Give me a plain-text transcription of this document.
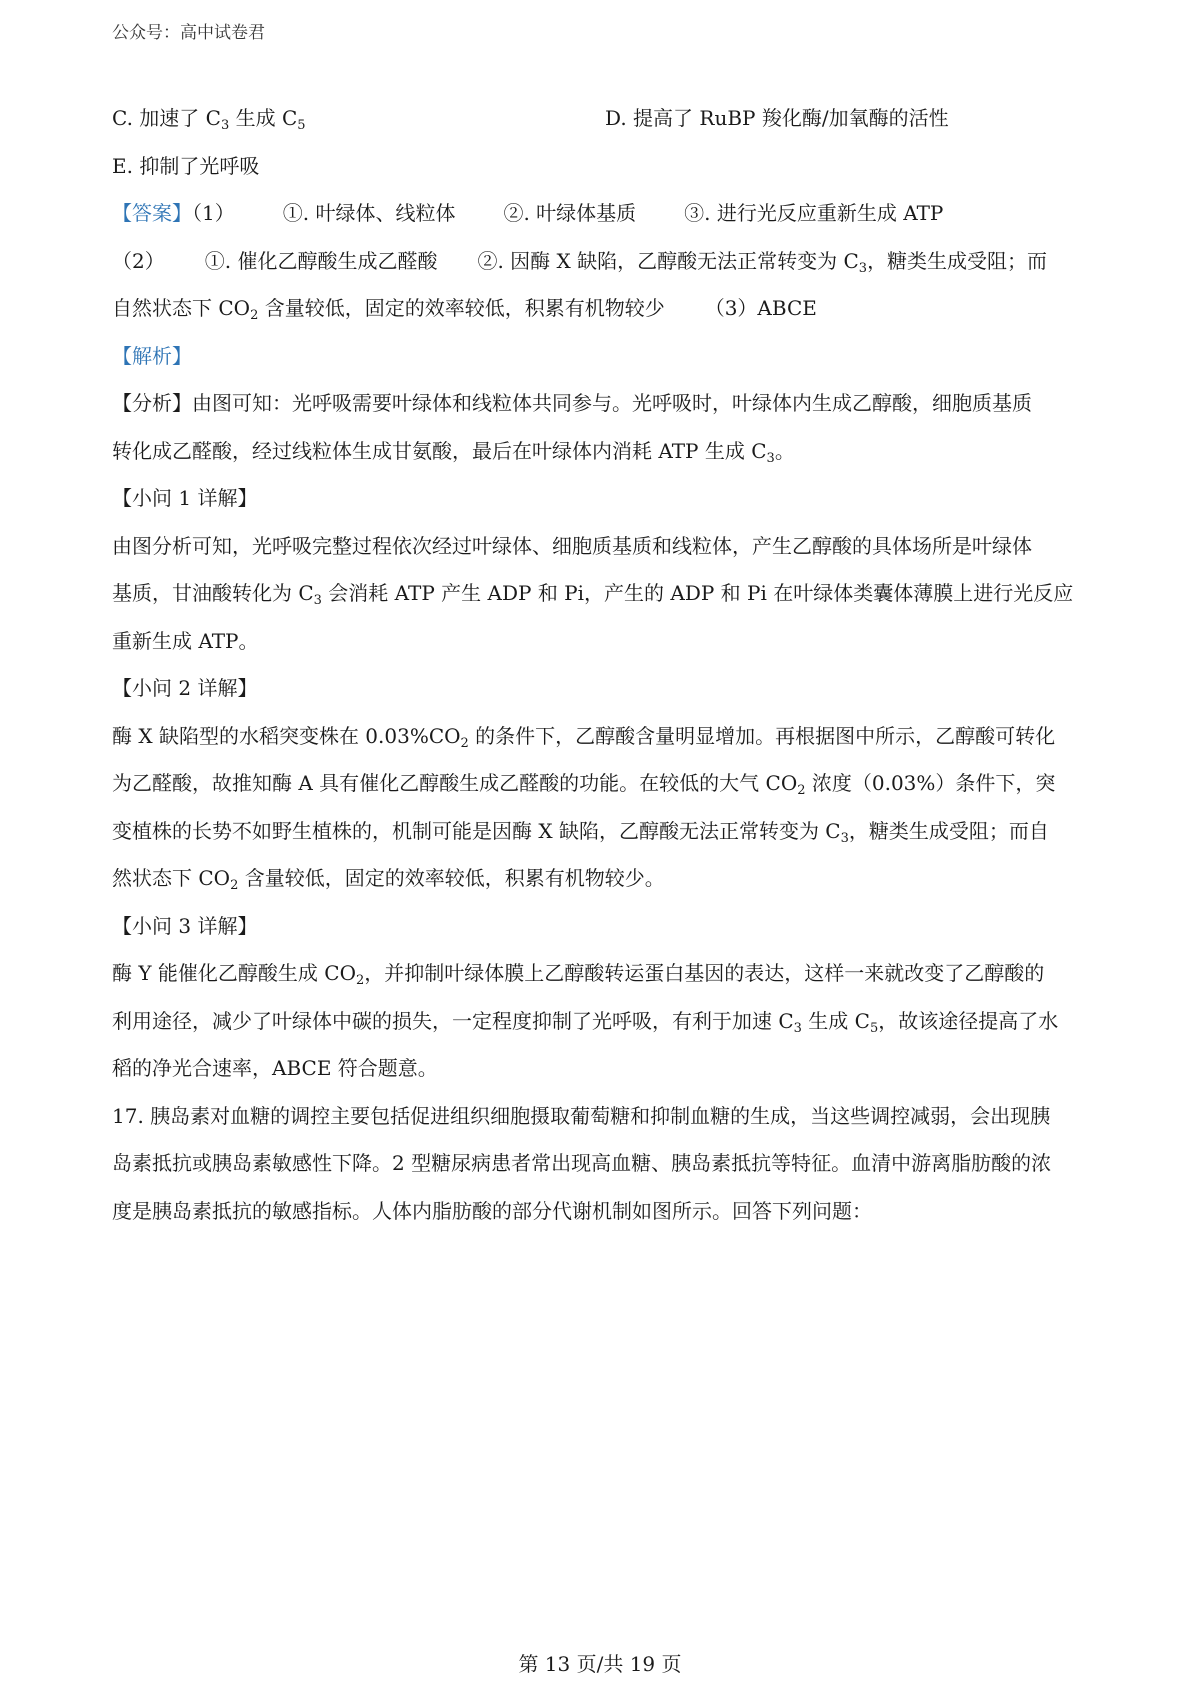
公众号：高中试卷君
C. 加速了 $C_3$ 生成 $C_5$	D. 提高了 RuBP 羧化酶/加氧酶的活性
E. 抑制了光呼吸
【答案】（1） ①. 叶绿体、线粒体 ②. 叶绿体基质 ③. 进行光反应重新生成 ATP
（2） ①. 催化乙醇酸生成乙醛酸 ②. 因酶 X 缺陷，乙醇酸无法正常转变为 $C_3$，糖类生成受阻；而
自然状态下 $CO_2$ 含量较低，固定的效率较低，积累有机物较少 （3）ABCE
【解析】
【分析】由图可知：光呼吸需要叶绿体和线粒体共同参与。光呼吸时，叶绿体内生成乙醇酸，细胞质基质
转化成乙醛酸，经过线粒体生成甘氨酸，最后在叶绿体内消耗 ATP 生成 $C_3$。
【小问 1 详解】
由图分析可知，光呼吸完整过程依次经过叶绿体、细胞质基质和线粒体，产生乙醇酸的具体场所是叶绿体
基质，甘油酸转化为 $C_3$ 会消耗 ATP 产生 ADP 和 Pi，产生的 ADP 和 Pi 在叶绿体类囊体薄膜上进行光反应
重新生成 ATP。
【小问 2 详解】
酶 X 缺陷型的水稻突变株在 $0.03\%CO_2$ 的条件下，乙醇酸含量明显增加。再根据图中所示，乙醇酸可转化
为乙醛酸，故推知酶 A 具有催化乙醇酸生成乙醛酸的功能。在较低的大气 $CO_2$ 浓度（0.03%）条件下，突
变植株的长势不如野生植株的，机制可能是因酶 X 缺陷，乙醇酸无法正常转变为 $C_3$，糖类生成受阻；而自
然状态下 $CO_2$ 含量较低，固定的效率较低，积累有机物较少。
【小问 3 详解】
酶 Y 能催化乙醇酸生成 $CO_2$，并抑制叶绿体膜上乙醇酸转运蛋白基因的表达，这样一来就改变了乙醇酸的
利用途径，减少了叶绿体中碳的损失，一定程度抑制了光呼吸，有利于加速 $C_3$ 生成 $C_5$，故该途径提高了水
稻的净光合速率，ABCE 符合题意。
17. 胰岛素对血糖的调控主要包括促进组织细胞摄取葡萄糖和抑制血糖的生成，当这些调控减弱，会出现胰
岛素抵抗或胰岛素敏感性下降。2 型糖尿病患者常出现高血糖、胰岛素抵抗等特征。血清中游离脂肪酸的浓
度是胰岛素抵抗的敏感指标。人体内脂肪酸的部分代谢机制如图所示。回答下列问题：
第 13 页/共 19 页
